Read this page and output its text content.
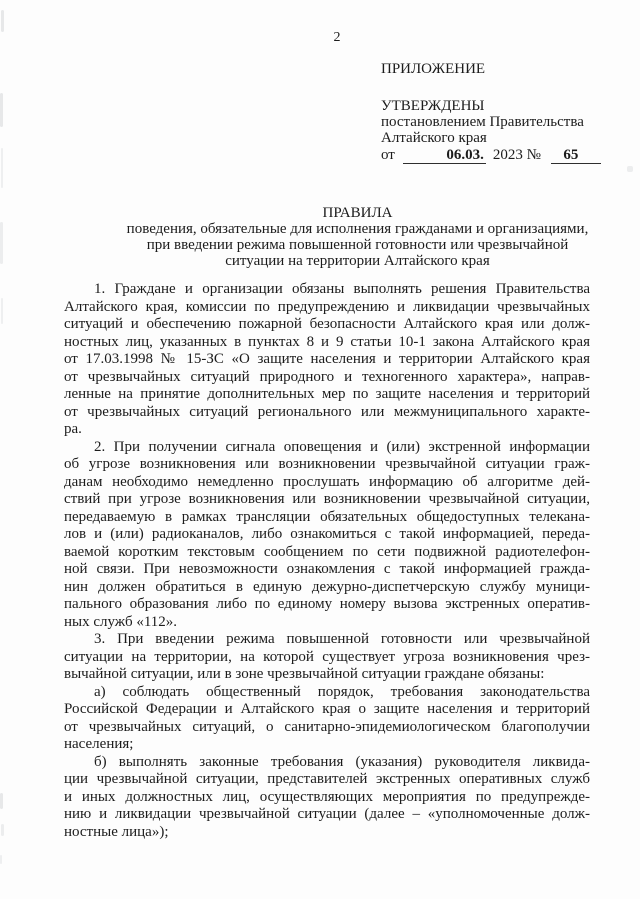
2
ПРИЛОЖЕНИЕ
УТВЕРЖДЕНЫ
постановлением Правительства
Алтайского края
от	06.03. 2023 № 65
ПРАВИЛА
поведения, обязательные для исполнения гражданами и организациями,
при введении режима повышенной готовности или чрезвычайной
ситуации на территории Алтайского края
1. Граждане и организации обязаны выполнять решения Правительства
Алтайского края, комиссии по предупреждению и ликвидации чрезвычайных
ситуаций и обеспечению пожарной безопасности Алтайского края или долж-
ностных лиц, указанных в пунктах 8 и 9 статьи 10-1 закона Алтайского края
от 17.03.1998 № 15-ЗС «О защите населения и территории Алтайского края
от чрезвычайных ситуаций природного и техногенного характера», направ-
ленные на принятие дополнительных мер по защите населения и территорий
от чрезвычайных ситуаций регионального или межмуниципального характе-
ра.
2. При получении сигнала оповещения и (или) экстренной информации
об угрозе возникновения или возникновении чрезвычайной ситуации граж-
данам необходимо немедленно прослушать информацию об алгоритме дей-
ствий при угрозе возникновения или возникновении чрезвычайной ситуации,
передаваемую в рамках трансляции обязательных общедоступных телекана-
лов и (или) радиоканалов, либо ознакомиться с такой информацией, переда-
ваемой коротким текстовым сообщением по сети подвижной радиотелефон-
ной связи. При невозможности ознакомления с такой информацией гражда-
нин должен обратиться в единую дежурно-диспетчерскую службу муници-
пального образования либо по единому номеру вызова экстренных оператив-
ных служб «112».
3. При введении режима повышенной готовности или чрезвычайной
ситуации на территории, на которой существует угроза возникновения чрез-
вычайной ситуации, или в зоне чрезвычайной ситуации граждане обязаны:
а) соблюдать общественный порядок, требования законодательства
Российской Федерации и Алтайского края о защите населения и территорий
от чрезвычайных ситуаций, о санитарно-эпидемиологическом благополучии
населения;
б) выполнять законные требования (указания) руководителя ликвида-
ции чрезвычайной ситуации, представителей экстренных оперативных служб
и иных должностных лиц, осуществляющих мероприятия по предупрежде-
нию и ликвидации чрезвычайной ситуации (далее – «уполномоченные долж-
ностные лица»);
